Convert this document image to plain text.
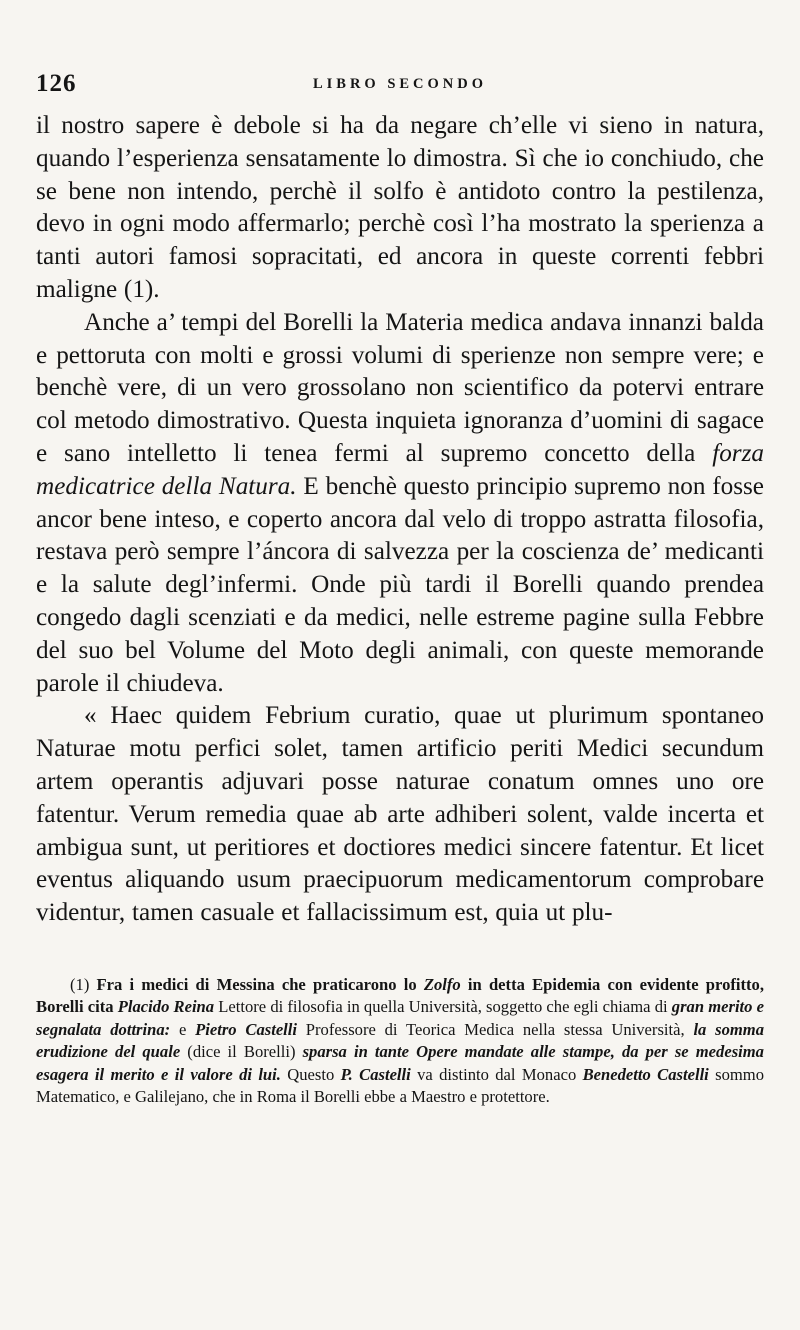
126	LIBRO SECONDO

il nostro sapere è debole si ha da negare ch’elle vi sieno in natura, quando l’esperienza sensatamente lo dimostra. Sì che io conchiudo, che se bene non intendo, perchè il solfo è antidoto contro la pestilenza, devo in ogni modo affermarlo; perchè così l’ha mostrato la sperienza a tanti autori famosi sopracitati, ed ancora in queste correnti febbri maligne (1).

Anche a’ tempi del Borelli la Materia medica andava innanzi balda e pettoruta con molti e grossi volumi di sperienze non sempre vere; e benchè vere, di un vero grossolano non scientifico da potervi entrare col metodo dimostrativo. Questa inquieta ignoranza d’uomini di sagace e sano intelletto li tenea fermi al supremo concetto della forza medicatrice della Natura. E benchè questo principio supremo non fosse ancor bene inteso, e coperto ancora dal velo di troppo astratta filosofia, restava però sempre l’áncora di salvezza per la coscienza de’ medicanti e la salute degl’infermi. Onde più tardi il Borelli quando prendea congedo dagli scenziati e da medici, nelle estreme pagine sulla Febbre del suo bel Volume del Moto degli animali, con queste memorande parole il chiudeva.

« Haec quidem Febrium curatio, quae ut plurimum spontaneo Naturae motu perfici solet, tamen artificio periti Medici secundum artem operantis adjuvari posse naturae conatum omnes uno ore fatentur. Verum remedia quae ab arte adhiberi solent, valde incerta et ambigua sunt, ut peritiores et doctiores medici sincere fatentur. Et licet eventus aliquando usum praecipuorum medicamentorum comprobare videntur, tamen casuale et fallacissimum est, quia ut plu-

(1) Fra i medici di Messina che praticarono lo Zolfo in detta Epidemia con evidente profitto, Borelli cita Placido Reina Lettore di filosofia in quella Università, soggetto che egli chiama di gran merito e segnalata dottrina: e Pietro Castelli Professore di Teorica Medica nella stessa Università, la somma erudizione del quale (dice il Borelli) sparsa in tante Opere mandate alle stampe, da per se medesima esagera il merito e il valore di lui. Questo P. Castelli va distinto dal Monaco Benedetto Castelli sommo Matematico, e Galilejano, che in Roma il Borelli ebbe a Maestro e protettore.
